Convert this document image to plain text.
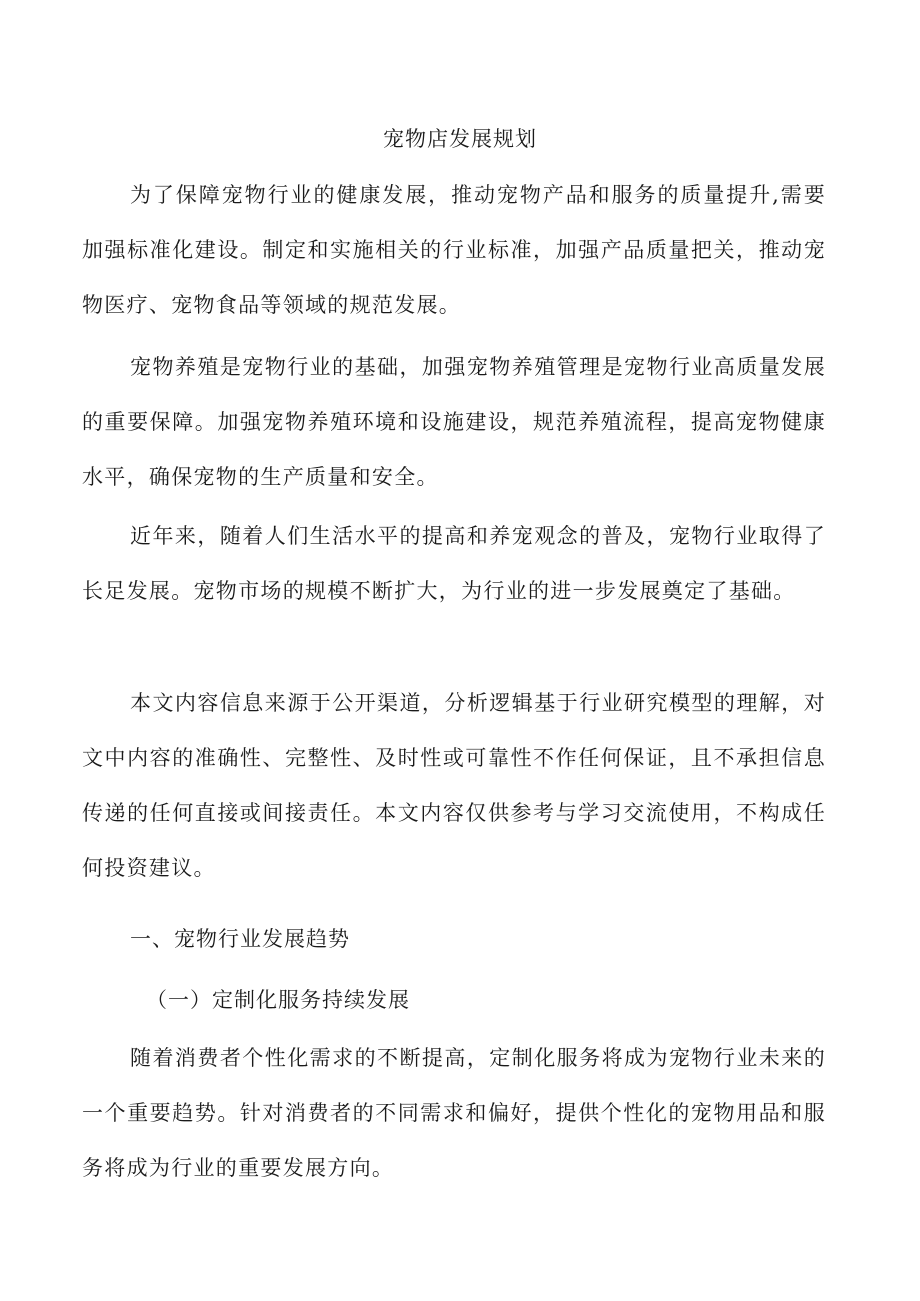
宠物店发展规划

为了保障宠物行业的健康发展，推动宠物产品和服务的质量提升,需要加强标准化建设。制定和实施相关的行业标准，加强产品质量把关，推动宠物医疗、宠物食品等领域的规范发展。

宠物养殖是宠物行业的基础，加强宠物养殖管理是宠物行业高质量发展的重要保障。加强宠物养殖环境和设施建设，规范养殖流程，提高宠物健康水平，确保宠物的生产质量和安全。

近年来，随着人们生活水平的提高和养宠观念的普及，宠物行业取得了长足发展。宠物市场的规模不断扩大，为行业的进一步发展奠定了基础。

本文内容信息来源于公开渠道，分析逻辑基于行业研究模型的理解，对文中内容的准确性、完整性、及时性或可靠性不作任何保证，且不承担信息传递的任何直接或间接责任。本文内容仅供参考与学习交流使用，不构成任何投资建议。

一、宠物行业发展趋势
（一）定制化服务持续发展

随着消费者个性化需求的不断提高，定制化服务将成为宠物行业未来的一个重要趋势。针对消费者的不同需求和偏好，提供个性化的宠物用品和服务将成为行业的重要发展方向。
